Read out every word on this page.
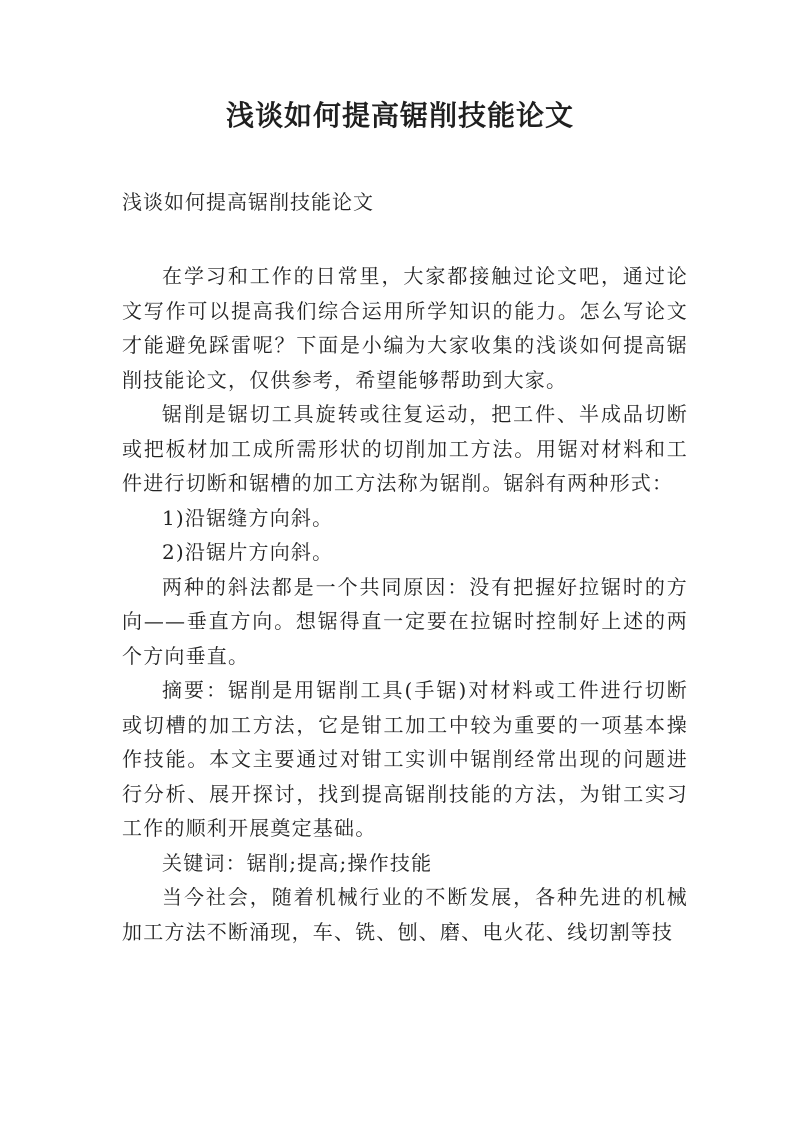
浅谈如何提高锯削技能论文

浅谈如何提高锯削技能论文

在学习和工作的日常里，大家都接触过论文吧，通过论文写作可以提高我们综合运用所学知识的能力。怎么写论文才能避免踩雷呢？下面是小编为大家收集的浅谈如何提高锯削技能论文，仅供参考，希望能够帮助到大家。

锯削是锯切工具旋转或往复运动，把工件、半成品切断或把板材加工成所需形状的切削加工方法。用锯对材料和工件进行切断和锯槽的加工方法称为锯削。锯斜有两种形式：

1)沿锯缝方向斜。

2)沿锯片方向斜。

两种的斜法都是一个共同原因：没有把握好拉锯时的方向——垂直方向。想锯得直一定要在拉锯时控制好上述的两个方向垂直。

摘要：锯削是用锯削工具(手锯)对材料或工件进行切断或切槽的加工方法，它是钳工加工中较为重要的一项基本操作技能。本文主要通过对钳工实训中锯削经常出现的问题进行分析、展开探讨，找到提高锯削技能的方法，为钳工实习工作的顺利开展奠定基础。

关键词：锯削;提高;操作技能

当今社会，随着机械行业的不断发展，各种先进的机械加工方法不断涌现，车、铣、刨、磨、电火花、线切割等技
